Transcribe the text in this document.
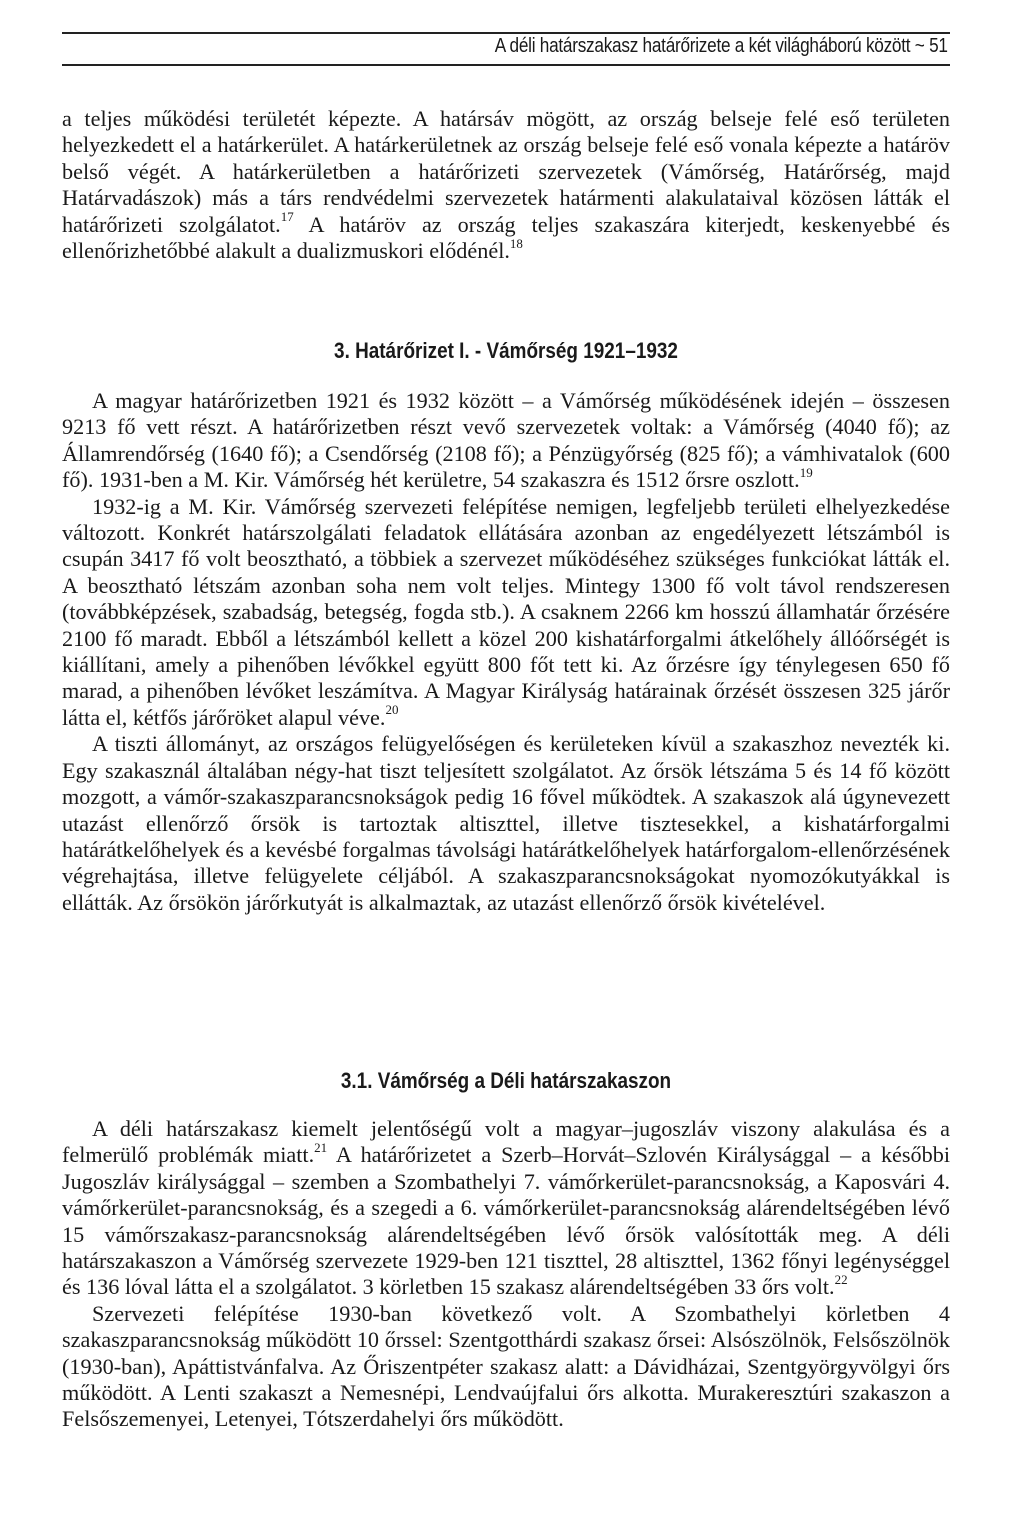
A déli határszakasz határőrizete a két világháború között ~ 51

a teljes működési területét képezte. A határsáv mögött, az ország belseje felé eső területen helyezkedett el a határkerület. A határkerületnek az ország belseje felé eső vonala képezte a határöv belső végét. A határkerületben a határőrizeti szervezetek (Vámőrség, Határőrség, majd Határvadászok) más a társ rendvédelmi szervezetek határmenti alakulataival közösen látták el határőrizeti szolgálatot.$^{17}$ A határöv az ország teljes szakaszára kiterjedt, keskenyebbé és ellenőrizhetőbbé alakult a dualizmuskori elődénél.$^{18}$

3. Határőrizet I. - Vámőrség 1921–1932

A magyar határőrizetben 1921 és 1932 között – a Vámőrség működésének idején – összesen 9213 fő vett részt. A határőrizetben részt vevő szervezetek voltak: a Vámőrség (4040 fő); az Államrendőrség (1640 fő); a Csendőrség (2108 fő); a Pénzügyőrség (825 fő); a vámhivatalok (600 fő). 1931-ben a M. Kir. Vámőrség hét kerületre, 54 szakaszra és 1512 őrsre oszlott.$^{19}$

1932-ig a M. Kir. Vámőrség szervezeti felépítése nemigen, legfeljebb területi elhelyezkedése változott. Konkrét határszolgálati feladatok ellátására azonban az engedélyezett létszámból is csupán 3417 fő volt beosztható, a többiek a szervezet működéséhez szükséges funkciókat látták el. A beosztható létszám azonban soha nem volt teljes. Mintegy 1300 fő volt távol rendszeresen (továbbképzések, szabadság, betegség, fogda stb.). A csaknem 2266 km hosszú államhatár őrzésére 2100 fő maradt. Ebből a létszámból kellett a közel 200 kishatárforgalmi átkelőhely állóőrségét is kiállítani, amely a pihenőben lévőkkel együtt 800 főt tett ki. Az őrzésre így ténylegesen 650 fő marad, a pihenőben lévőket leszámítva. A Magyar Királyság határainak őrzését összesen 325 járőr látta el, kétfős járőröket alapul véve.$^{20}$

A tiszti állományt, az országos felügyelőségen és kerületeken kívül a szakaszhoz nevezték ki. Egy szakasznál általában négy-hat tiszt teljesített szolgálatot. Az őrsök létszáma 5 és 14 fő között mozgott, a vámőr-szakaszparancsnokságok pedig 16 fővel működtek. A szakaszok alá úgynevezett utazást ellenőrző őrsök is tartoztak altiszttel, illetve tisztesekkel, a kishatárforgalmi határátkelőhelyek és a kevésbé forgalmas távolsági határátkelőhelyek határforgalom-ellenőrzésének végrehajtása, illetve felügyelete céljából. A szakaszparancsnokságokat nyomozókutyákkal is ellátták. Az őrsökön járőrkutyát is alkalmaztak, az utazást ellenőrző őrsök kivételével.

3.1. Vámőrség a Déli határszakaszon

A déli határszakasz kiemelt jelentőségű volt a magyar–jugoszláv viszony alakulása és a felmerülő problémák miatt.$^{21}$ A határőrizetet a Szerb–Horvát–Szlovén Királysággal – a későbbi Jugoszláv királysággal – szemben a Szombathelyi 7. vámőrkerület-parancsnokság, a Kaposvári 4. vámőrkerület-parancsnokság, és a szegedi a 6. vámőrkerület-parancsnokság alárendeltségében lévő 15 vámőrszakasz-parancsnokság alárendeltségében lévő őrsök valósították meg. A déli határszakaszon a Vámőrség szervezete 1929-ben 121 tiszttel, 28 altiszttel, 1362 főnyi legénységgel és 136 lóval látta el a szolgálatot. 3 körletben 15 szakasz alárendeltségében 33 őrs volt.$^{22}$

Szervezeti felépítése 1930-ban következő volt. A Szombathelyi körletben 4 szakaszparancsnokság működött 10 őrssel: Szentgotthárdi szakasz őrsei: Alsószölnök, Felsőszölnök (1930-ban), Apáttistvánfalva. Az Őriszentpéter szakasz alatt: a Dávidházai, Szentgyörgyvölgyi őrs működött. A Lenti szakaszt a Nemesnépi, Lendvaújfalui őrs alkotta. Murakeresztúri szakaszon a Felsőszemenyei, Letenyei, Tótszerdahelyi őrs működött.
